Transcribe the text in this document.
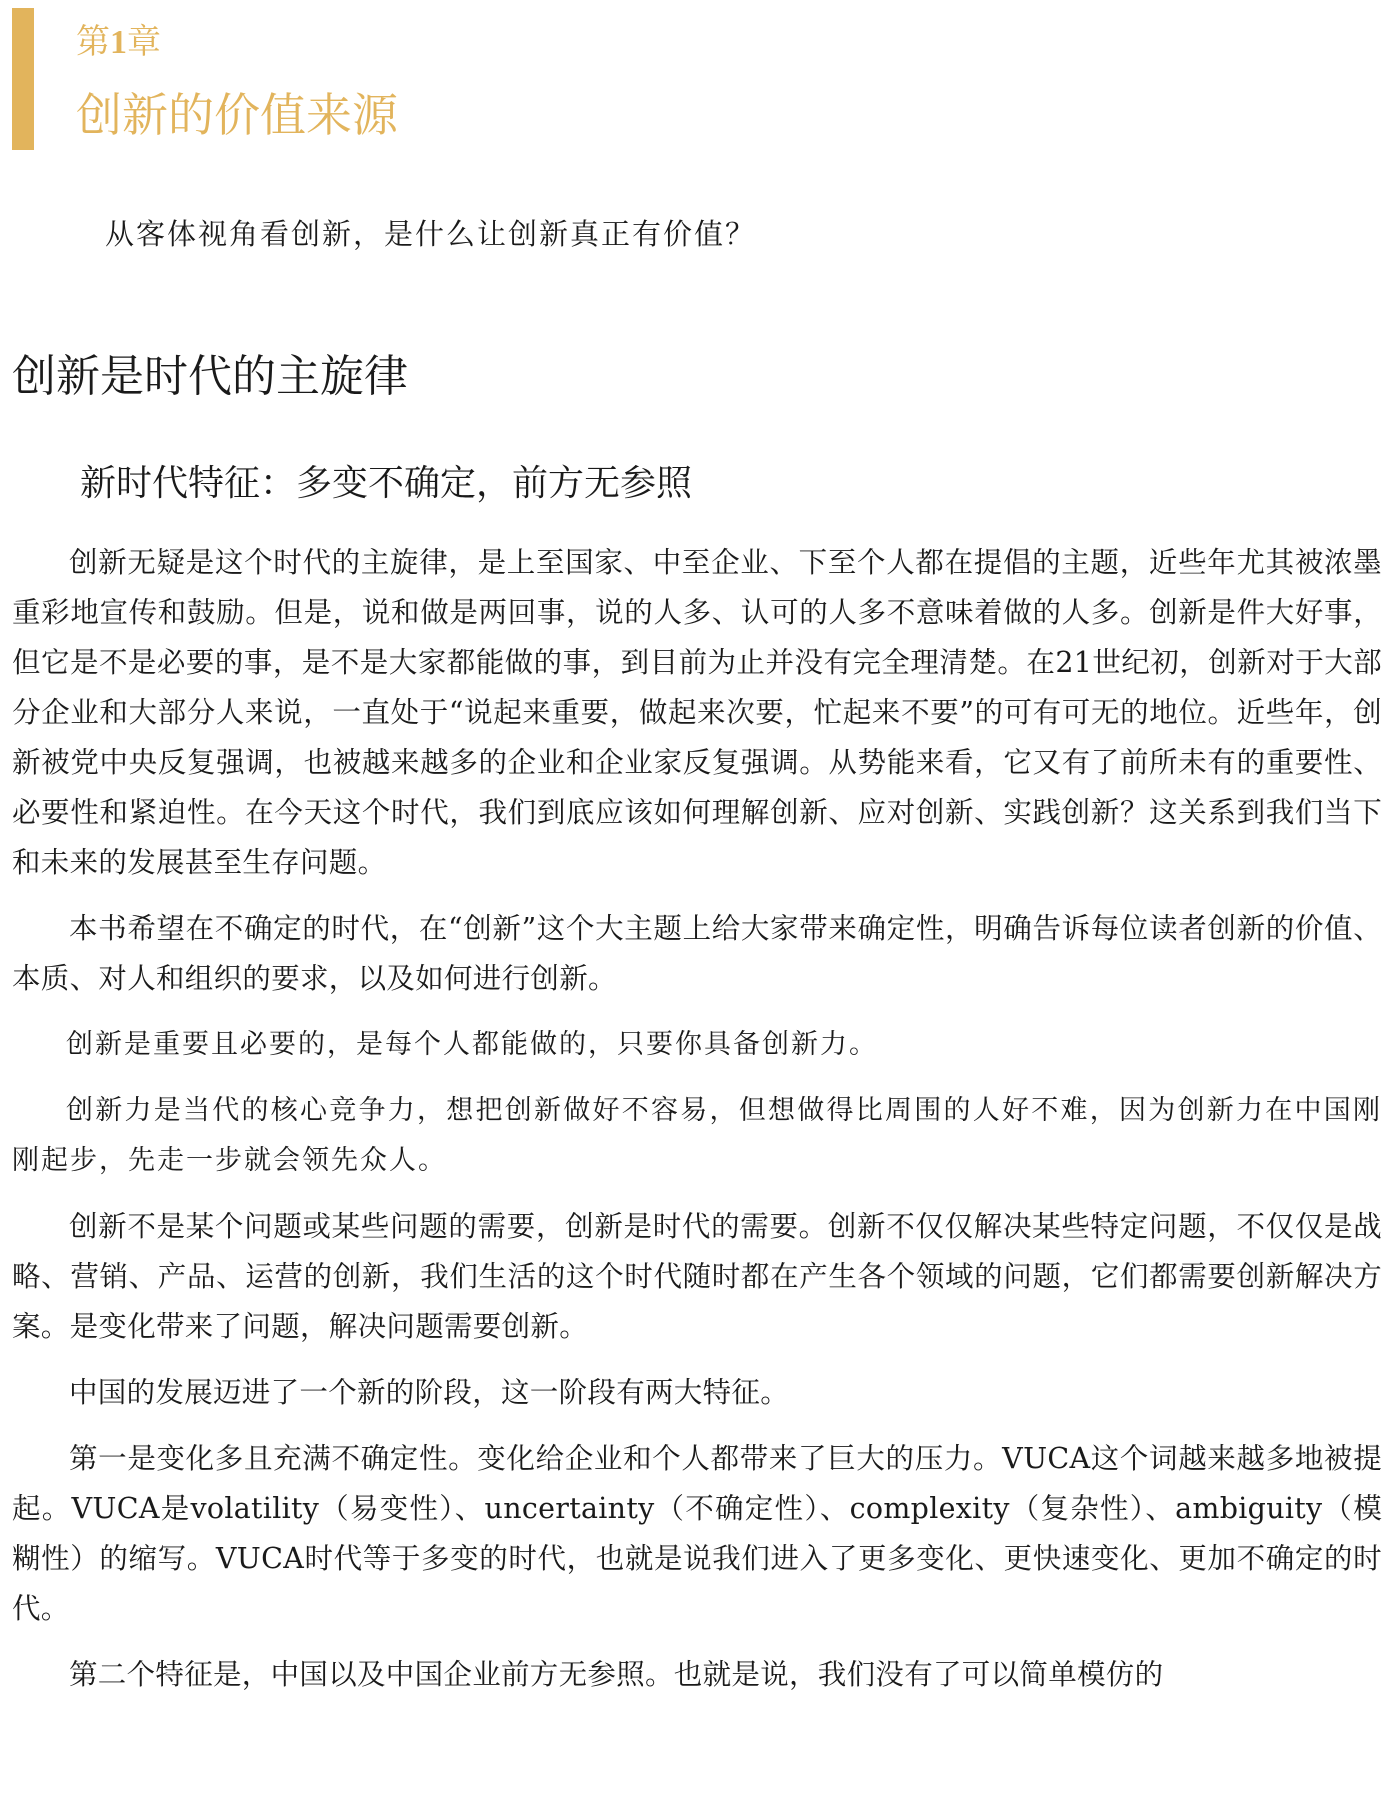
第1章
创新的价值来源
从客体视角看创新，是什么让创新真正有价值？
创新是时代的主旋律
新时代特征：多变不确定，前方无参照

创新无疑是这个时代的主旋律，是上至国家、中至企业、下至个人都在提倡的主题，近些年尤其被浓墨重彩地宣传和鼓励。但是，说和做是两回事，说的人多、认可的人多不意味着做的人多。创新是件大好事，但它是不是必要的事，是不是大家都能做的事，到目前为止并没有完全理清楚。在21世纪初，创新对于大部分企业和大部分人来说，一直处于“说起来重要，做起来次要，忙起来不要”的可有可无的地位。近些年，创新被党中央反复强调，也被越来越多的企业和企业家反复强调。从势能来看，它又有了前所未有的重要性、必要性和紧迫性。在今天这个时代，我们到底应该如何理解创新、应对创新、实践创新？这关系到我们当下和未来的发展甚至生存问题。

本书希望在不确定的时代，在“创新”这个大主题上给大家带来确定性，明确告诉每位读者创新的价值、本质、对人和组织的要求，以及如何进行创新。

创新是重要且必要的，是每个人都能做的，只要你具备创新力。

创新力是当代的核心竞争力，想把创新做好不容易，但想做得比周围的人好不难，因为创新力在中国刚刚起步，先走一步就会领先众人。

创新不是某个问题或某些问题的需要，创新是时代的需要。创新不仅仅解决某些特定问题，不仅仅是战略、营销、产品、运营的创新，我们生活的这个时代随时都在产生各个领域的问题，它们都需要创新解决方案。是变化带来了问题，解决问题需要创新。

中国的发展迈进了一个新的阶段，这一阶段有两大特征。

第一是变化多且充满不确定性。变化给企业和个人都带来了巨大的压力。VUCA这个词越来越多地被提起。VUCA是volatility（易变性）、uncertainty（不确定性）、complexity（复杂性）、ambiguity（模糊性）的缩写。VUCA时代等于多变的时代，也就是说我们进入了更多变化、更快速变化、更加不确定的时代。

第二个特征是，中国以及中国企业前方无参照。也就是说，我们没有了可以简单模仿的
